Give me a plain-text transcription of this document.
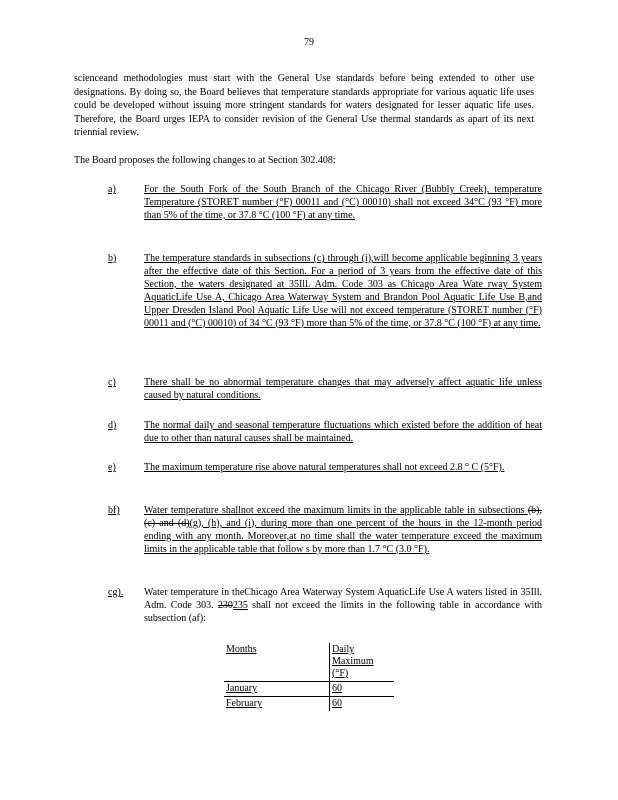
79

scienceand methodologies must start with the General Use standards before being extended to other use designations. By doing so, the Board believes that temperature standards appropriate for various aquatic life uses could be developed without issuing more stringent standards for waters designated for lesser aquatic life uses. Therefore, the Board urges IEPA to consider revision of the General Use thermal standards as apart of its next triennial review.

The Board proposes the following changes to at Section 302.408:

a)	For the South Fork of the South Branch of the Chicago River (Bubbly Creek), temperature Temperature (STORET number (°F) 00011 and (°C) 00010) shall not exceed 34°C (93 °F) more than 5% of the time, or 37.8 °C (100 °F) at any time.
b)	The temperature standards in subsections (c) through (i),will become applicable beginning 3 years after the effective date of this Section. For a period of 3 years from the effective date of this Section, the waters designated at 35Ill. Adm. Code 303 as Chicago Area Wate rway System AquaticLife Use A, Chicago Area Waterway System and Brandon Pool Aquatic Life Use B,and Upper Dresden Island Pool Aquatic Life Use will not exceed temperature (STORET number (°F) 00011 and (°C) 00010) of 34 °C (93 °F) more than 5% of the time, or 37.8 °C (100 °F) at any time.
c)	There shall be no abnormal temperature changes that may adversely affect aquatic life unless caused by natural conditions.
d)	The normal daily and seasonal temperature fluctuations which existed before the addition of heat due to other than natural causes shall be maintained.
e)	The maximum temperature rise above natural temperatures shall not exceed 2.8 ° C (5°F).
bf)	Water temperature shallnot exceed the maximum limits in the applicable table in subsections (b), (c) and (d)(g), (h), and (i), during more than one percent of the hours in the 12-month period ending with any month. Moreover,at no time shall the water temperature exceed the maximum limits in the applicable table that follow s by more than 1.7 °C (3.0 °F).
cg).	Water temperature in theChicago Area Waterway System AquaticLife Use A waters listed in 35Ill. Adm. Code 303. 230235 shall not exceed the limits in the following table in accordance with subsection (af):
Months	Daily Maximum (°F)
January	60
February	60
